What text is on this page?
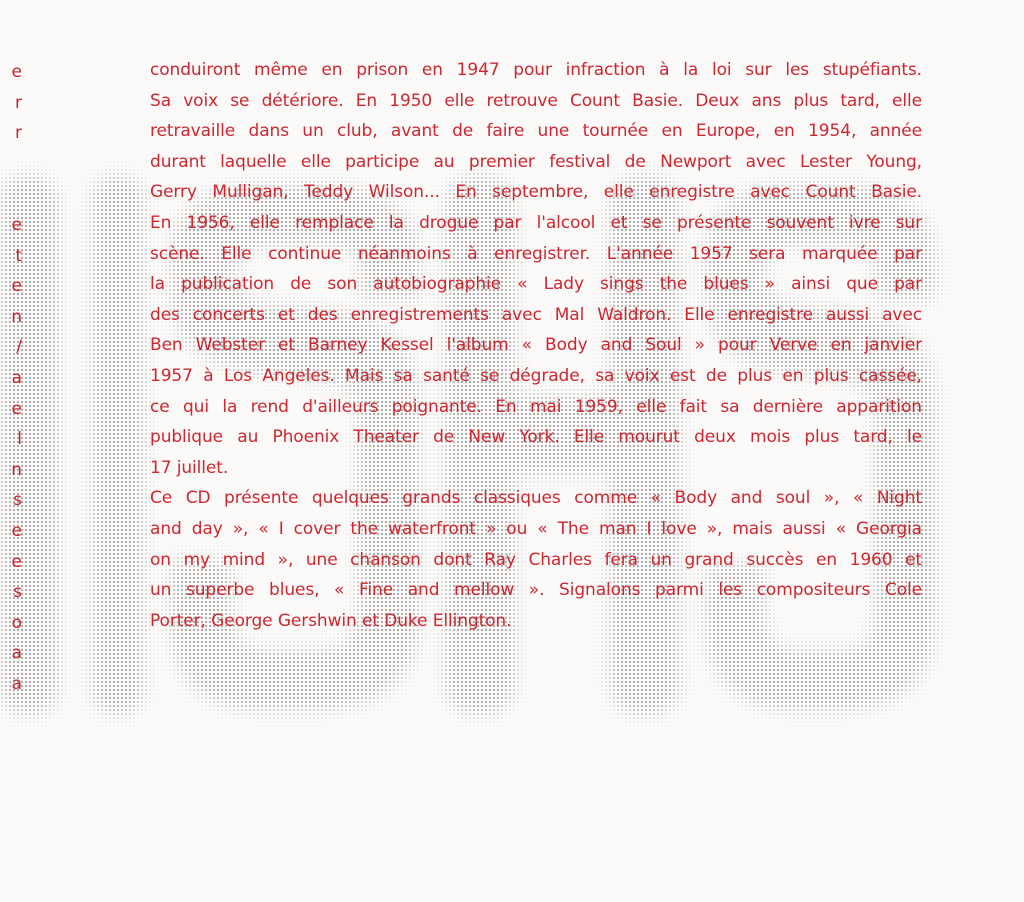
e
r
r
e
t
e
n
/
a
e
l
n
s
e
e
s
o
a
a
conduiront même en prison en 1947 pour infraction à la loi sur les stupéfiants.
Sa voix se détériore. En 1950 elle retrouve Count Basie. Deux ans plus tard, elle
retravaille dans un club, avant de faire une tournée en Europe, en 1954, année
durant laquelle elle participe au premier festival de Newport avec Lester Young,
Gerry Mulligan, Teddy Wilson... En septembre, elle enregistre avec Count Basie.
En 1956, elle remplace la drogue par l'alcool et se présente souvent ivre sur
scène. Elle continue néanmoins à enregistrer. L'année 1957 sera marquée par
la publication de son autobiographie « Lady sings the blues » ainsi que par
des concerts et des enregistrements avec Mal Waldron. Elle enregistre aussi avec
Ben Webster et Barney Kessel l'album « Body and Soul » pour Verve en janvier
1957 à Los Angeles. Mais sa santé se dégrade, sa voix est de plus en plus cassée,
ce qui la rend d'ailleurs poignante. En mai 1959, elle fait sa dernière apparition
publique au Phoenix Theater de New York. Elle mourut deux mois plus tard, le
17 juillet.
Ce CD présente quelques grands classiques comme « Body and soul », « Night
and day », « I cover the waterfront » ou « The man I love », mais aussi « Georgia
on my mind », une chanson dont Ray Charles fera un grand succès en 1960 et
un superbe blues, « Fine and mellow ». Signalons parmi les compositeurs Cole
Porter, George Gershwin et Duke Ellington.
